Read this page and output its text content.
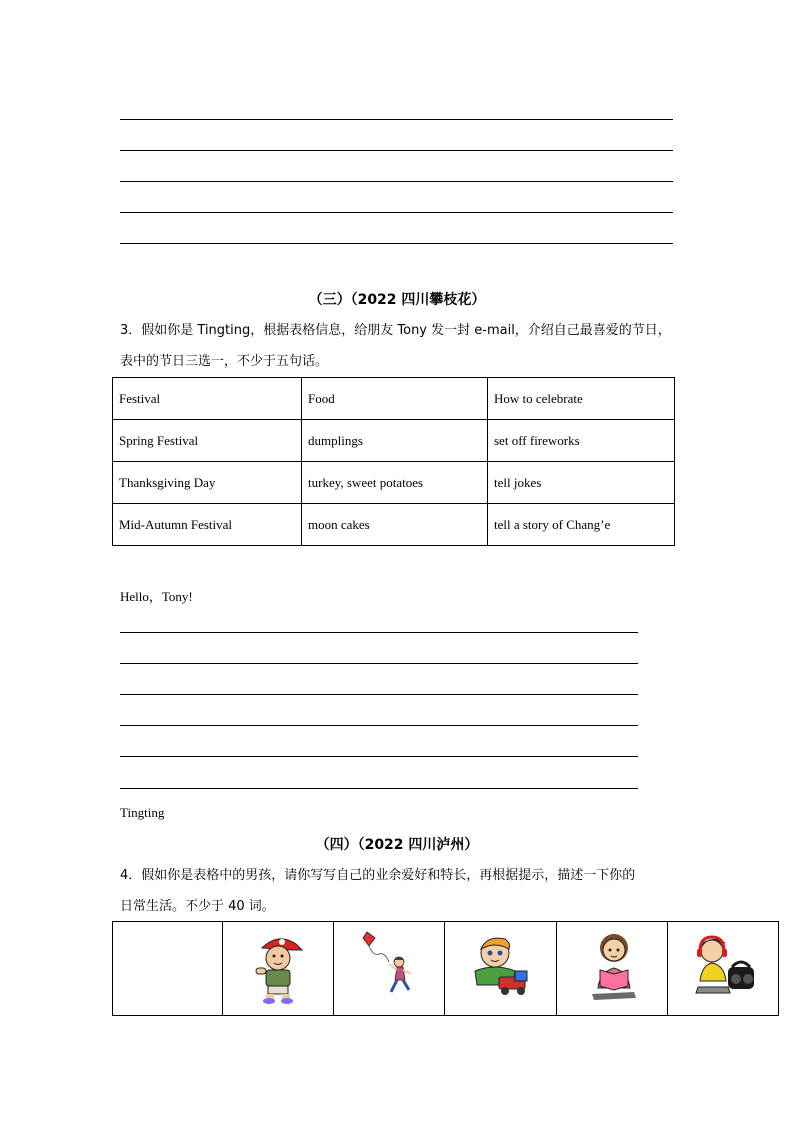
（三）（2022 四川攀枝花）
3．假如你是 Tingting，根据表格信息，给朋友 Tony 发一封 e-mail，介绍自己最喜爱的节日，
表中的节日三选一，不少于五句话。
Festival	Food	How to celebrate
Spring Festival	dumplings	set off fireworks
Thanksgiving Day	turkey, sweet potatoes	tell jokes
Mid-Autumn Festival	moon cakes	tell a story of Chang’e
Hello，Tony!
Tingting
（四）（2022 四川泸州）
4．假如你是表格中的男孩，请你写写自己的业余爱好和特长，再根据提示，描述一下你的
日常生活。不少于 40 词。
